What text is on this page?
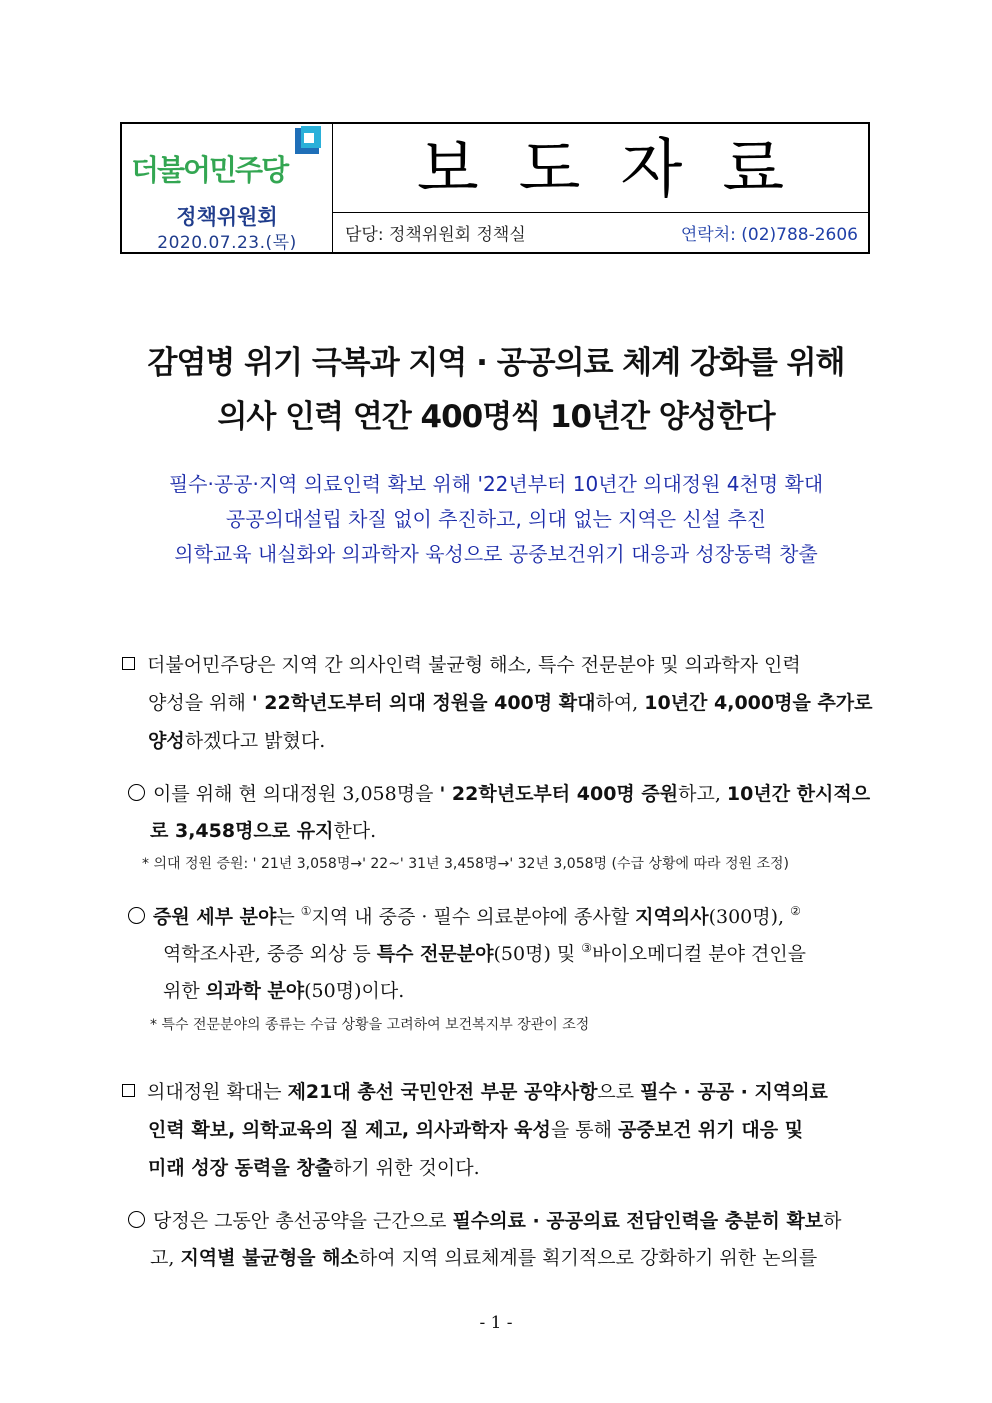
더불어민주당
정책위원회
2020.07.23.(목)
보도자료
담당: 정책위원회 정책실	연락처: (02)788-2606
감염병 위기 극복과 지역 · 공공의료 체계 강화를 위해
의사 인력 연간 400명씩 10년간 양성한다
필수·공공·지역 의료인력 확보 위해 '22년부터 10년간 의대정원 4천명 확대
공공의대설립 차질 없이 추진하고, 의대 없는 지역은 신설 추진
의학교육 내실화와 의과학자 육성으로 공중보건위기 대응과 성장동력 창출
더불어민주당은 지역 간 의사인력 불균형 해소, 특수 전문분야 및 의과학자 인력
양성을 위해 ' 22학년도부터 의대 정원을 400명 확대하여, 10년간 4,000명을 추가로
양성하겠다고 밝혔다.
이를 위해 현 의대정원 3,058명을 ' 22학년도부터 400명 증원하고, 10년간 한시적으
로 3,458명으로 유지한다.
* 의대 정원 증원: ' 21년 3,058명→' 22~' 31년 3,458명→' 32년 3,058명 (수급 상황에 따라 정원 조정)
증원 세부 분야는 ①지역 내 중증 · 필수 의료분야에 종사할 지역의사(300명), ②
역학조사관, 중증 외상 등 특수 전문분야(50명) 및 ③바이오메디컬 분야 견인을
위한 의과학 분야(50명)이다.
* 특수 전문분야의 종류는 수급 상황을 고려하여 보건복지부 장관이 조정
의대정원 확대는 제21대 총선 국민안전 부문 공약사항으로 필수 · 공공 · 지역의료
인력 확보, 의학교육의 질 제고, 의사과학자 육성을 통해 공중보건 위기 대응 및
미래 성장 동력을 창출하기 위한 것이다.
당정은 그동안 총선공약을 근간으로 필수의료 · 공공의료 전담인력을 충분히 확보하
고, 지역별 불균형을 해소하여 지역 의료체계를 획기적으로 강화하기 위한 논의를
- 1 -
